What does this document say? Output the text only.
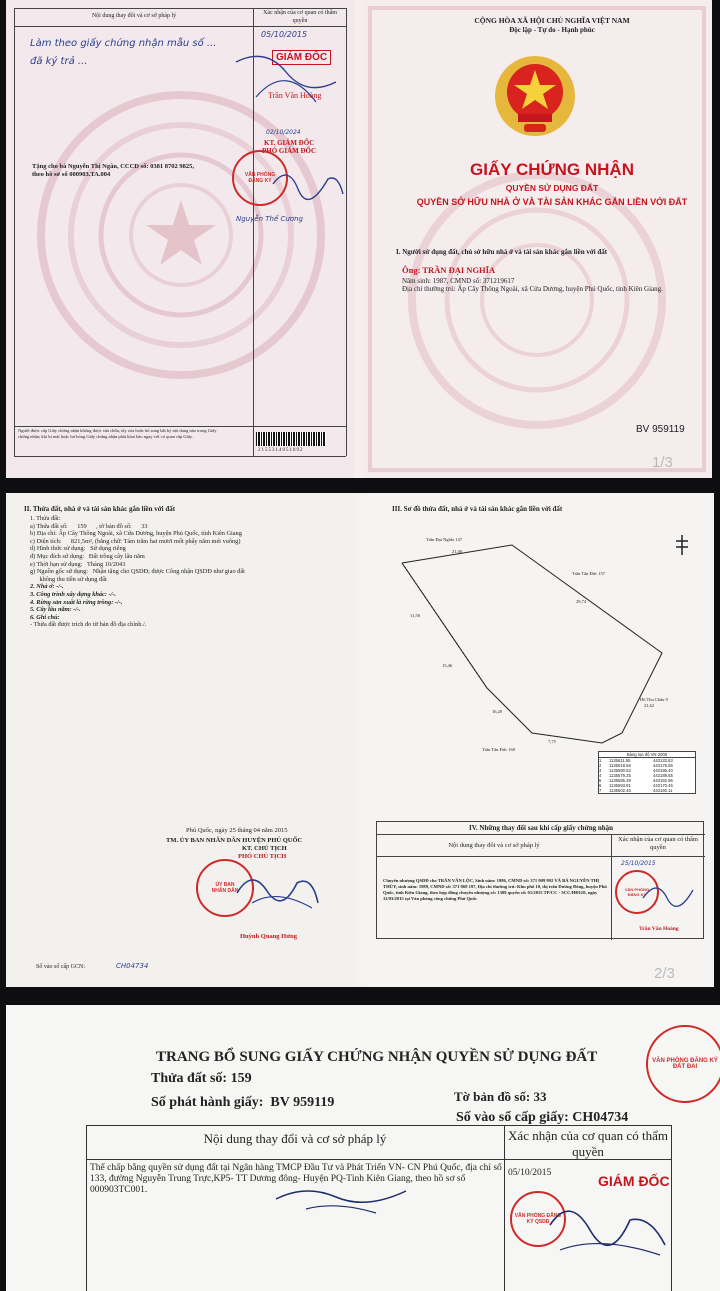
Nội dung thay đổi và cơ sở pháp lý	Xác nhận của cơ quan có thẩm quyền
Làm theo giấy chứng nhận mẫu số ...
đã ký trả ...
05/10/2015
GIÁM ĐỐC
Trần Văn Hoàng
02/10/2024
KT. GIÁM ĐỐC
PHÓ GIÁM ĐỐC
VĂN PHÒNG
ĐĂNG KÝ
Nguyễn Thế Cương
Tặng cho bà Nguyễn Thị Ngân, CCCD số: 0381 8702 9825,
theo hồ sơ số 000903.TA.004
Người được cấp Giấy chứng nhận không được sửa chữa, tẩy xóa hoặc bổ sung bất kỳ nội dung nào trong Giấy chứng nhận; khi bị mất hoặc hư hỏng Giấy chứng nhận phải khai báo ngay với cơ quan cấp Giấy.
2155314051892
CỘNG HÒA XÃ HỘI CHỦ NGHĨA VIỆT NAM
Độc lập - Tự do - Hạnh phúc
GIẤY CHỨNG NHẬN
QUYỀN SỬ DỤNG ĐẤT
QUYỀN SỞ HỮU NHÀ Ở VÀ TÀI SẢN KHÁC GẮN LIỀN VỚI ĐẤT
I. Người sử dụng đất, chủ sở hữu nhà ở và tài sản khác gắn liền với đất
Ông: TRẦN ĐẠI NGHĨA
Năm sinh: 1987, CMND số: 371219617
Địa chỉ thường trú: Ấp Cây Thông Ngoài, xã Cửa Dương, huyện Phú Quốc, tỉnh Kiên Giang.
BV 959119
1/3
II. Thửa đất, nhà ở và tài sản khác gắn liền với đất
1. Thửa đất:
a) Thửa đất số:      159      , tờ bản đồ số:      33
b) Địa chỉ: Ấp Cây Thông Ngoài, xã Cửa Dương, huyện Phú Quốc, tỉnh Kiên Giang
c) Diện tích:      821,5m², (bằng chữ: Tám trăm hai mươi mốt phẩy năm mét vuông)
d) Hình thức sử dụng:   Sử dụng riêng
đ) Mục đích sử dụng:   Đất trồng cây lâu năm
e) Thời hạn sử dụng:   Tháng 10/2043
g) Nguồn gốc sử dụng:   Nhận tặng cho QSDĐ; được Công nhận QSDĐ như giao đất
không thu tiền sử dụng đất
2. Nhà ở: -/-.
3. Công trình xây dựng khác: -/-.
4. Rừng sản xuất là rừng trồng: -/-.
5. Cây lâu năm: -/-.
6. Ghi chú:
- Thửa đất được trích đo từ bản đồ địa chính./.
Phú Quốc, ngày 25 tháng 04 năm 2015
TM. ỦY BAN NHÂN DÂN HUYỆN PHÚ QUỐC
KT. CHỦ TỊCH
PHÓ CHỦ TỊCH
ỦY BAN
NHÂN DÂN
Huỳnh Quang Hưng
Số vào sổ cấp GCN:	CH04734
III. Sơ đồ thửa đất, nhà ở và tài sản khác gắn liền với đất
Trần Đại Nghĩa 147
Trần Tấn Đức 157
Hồ Thu Châu 9
Trần Tấn Đức 160
21,00
29,74
11,56
15,46
16,20
7,75
21,62
Bảng tọa độ VN-2000
1	1135611.55	443133.63
2	1135618.56	443175.56
3	1135590.52	443196.40
4	1135579.25	443189.55
5	1135585.39	443182.96
6	1135593.81	443170.45
7	1135602.45	443160.11
IV. Những thay đổi sau khi cấp giấy chứng nhận
Nội dung thay đổi và cơ sở pháp lý
Xác nhận của cơ quan có thẩm quyền
Chuyển nhượng QSDĐ cho TRẦN VĂN LỘC, Sinh năm: 1986, CMND số: 371 009 992 VÀ BÀ NGUYỄN THỊ THỦY, sinh năm: 1989, CMND số: 371 069 197, Địa chỉ thường trú: Khu phố 10, thị trấn Dương Đông, huyện Phú Quốc, tỉnh Kiên Giang, theo hợp đồng chuyển nhượng số: 1309 quyển số: 01/2015 TP/CC - SCC/HĐGD, ngày 11/03/2015 tại Văn phòng công chứng Phú Quốc
25/10/2015
VĂN PHÒNG
ĐĂNG KÝ
Trần Văn Hoàng
2/3
TRANG BỔ SUNG GIẤY CHỨNG NHẬN QUYỀN SỬ DỤNG ĐẤT
Thửa đất số: 159
Tờ bản đồ số: 33
Số phát hành giấy:  BV 959119
Số vào sổ cấp giấy: CH04734
Nội dung thay đổi và cơ sở pháp lý	Xác nhận của cơ quan có thẩm quyền
Thế chấp bằng quyền sử dụng đất tại Ngân hàng TMCP Đầu Tư và Phát Triển VN- CN Phú Quốc, địa chỉ số 133, đường Nguyễn Trung Trực,KP5- TT Dương đông- Huyện PQ-Tỉnh Kiên Giang, theo hồ sơ số 000903TC001.
05/10/2015	GIÁM ĐỐC
VĂN PHÒNG ĐĂNG KÝ QSDĐ
VĂN PHÒNG ĐĂNG KÝ ĐẤT ĐAI
